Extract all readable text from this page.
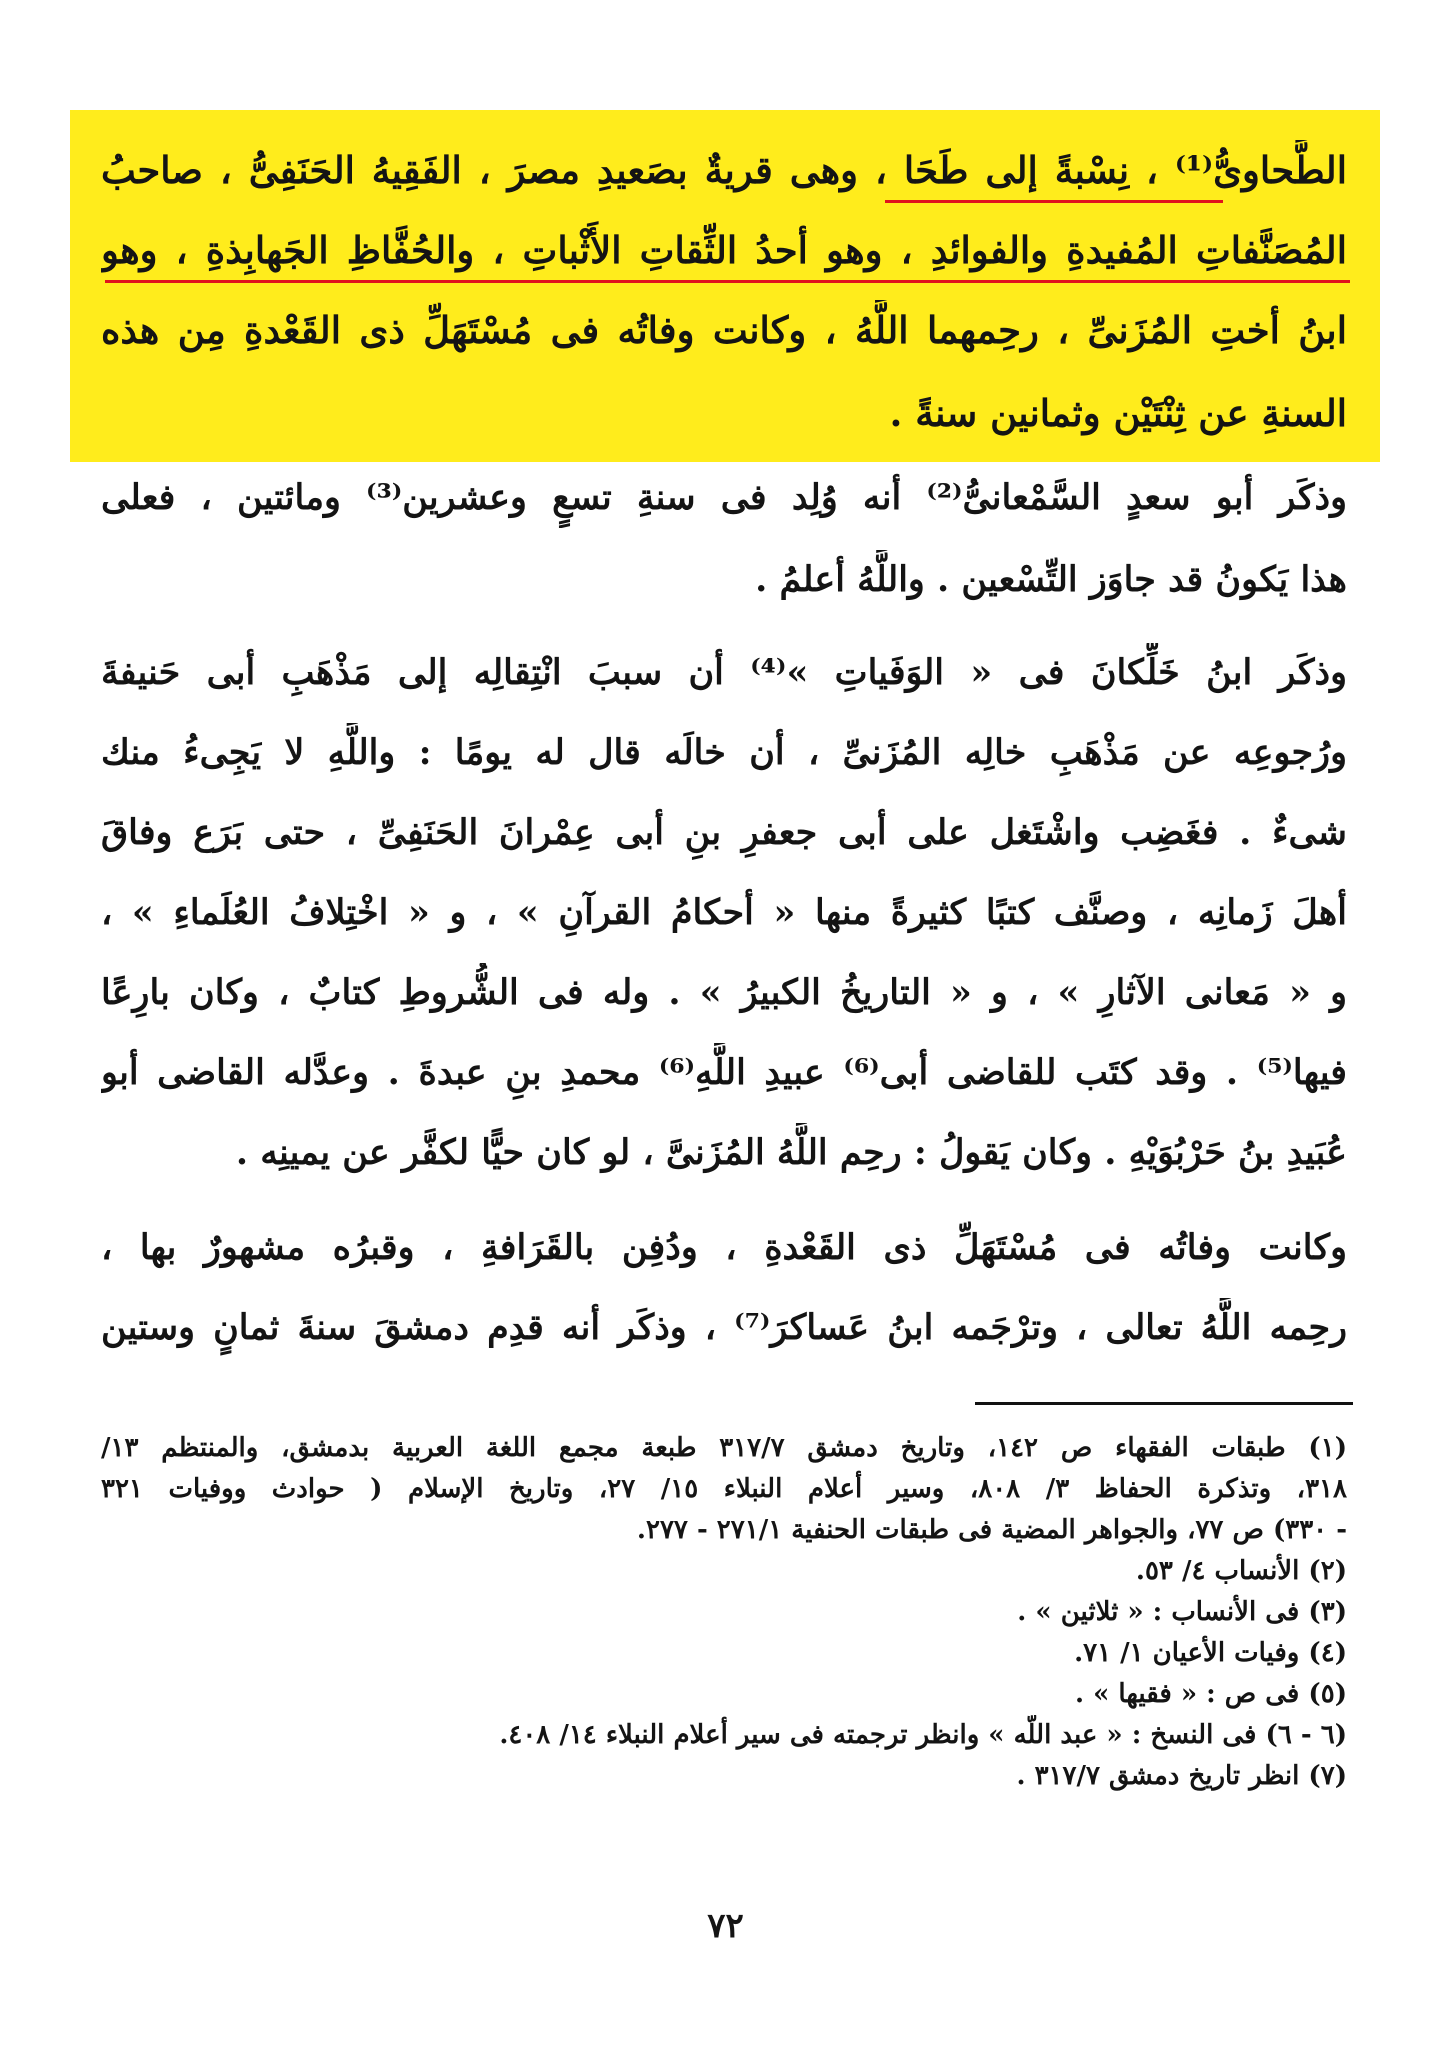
الطَّحاوىُّ⁽¹⁾ ، نِسْبةً إلى طَحَا ، وهى قريةٌ بصَعيدِ مصرَ ، الفَقِيهُ الحَنَفِىُّ ، صاحبُ
المُصَنَّفاتِ المُفيدةِ والفوائدِ ، وهو أحدُ الثِّقاتِ الأَثْباتِ ، والحُفَّاظِ الجَهابِذةِ ، وهو
ابنُ أختِ المُزَنىِّ ، رحِمهما اللَّهُ ، وكانت وفاتُه فى مُسْتَهَلِّ ذى القَعْدةِ مِن هذه
السنةِ عن ثِنْتَيْن وثمانين سنةً .
وذكَر أبو سعدٍ السَّمْعانىُّ⁽²⁾ أنه وُلِد فى سنةِ تسعٍ وعشرين⁽³⁾ ومائتين ، فعلى
هذا يَكونُ قد جاوَز التِّسْعين . واللَّهُ أعلمُ .
وذكَر ابنُ خَلِّكانَ فى « الوَفَياتِ »⁽⁴⁾ أن سببَ انْتِقالِه إلى مَذْهَبِ أبى حَنيفةَ
ورُجوعِه عن مَذْهَبِ خالِه المُزَنىِّ ، أن خالَه قال له يومًا : واللَّهِ لا يَجِىءُ منك
شىءٌ . فغَضِب واشْتَغل على أبى جعفرِ بنِ أبى عِمْرانَ الحَنَفِىِّ ، حتى بَرَع وفاقَ
أهلَ زَمانِه ، وصنَّف كتبًا كثيرةً منها « أحكامُ القرآنِ » ، و « اخْتِلافُ العُلَماءِ » ،
و « مَعانى الآثارِ » ، و « التاريخُ الكبيرُ » . وله فى الشُّروطِ كتابٌ ، وكان بارِعًا
فيها⁽⁵⁾ . وقد كتَب للقاضى أبى⁽⁶⁾ عبيدِ اللَّهِ⁽⁶⁾ محمدِ بنِ عبدةَ . وعدَّله القاضى أبو
عُبَيدِ بنُ حَرْبُوَيْهِ . وكان يَقولُ : رحِم اللَّهُ المُزَنىَّ ، لو كان حيًّا لكفَّر عن يمينِه .
وكانت وفاتُه فى مُسْتَهَلِّ ذى القَعْدةِ ، ودُفِن بالقَرَافةِ ، وقبرُه مشهورٌ بها ،
رحِمه اللَّهُ تعالى ، وترْجَمه ابنُ عَساكرَ⁽⁷⁾ ، وذكَر أنه قدِم دمشقَ سنةَ ثمانٍ وستين
(١) طبقات الفقهاء ص ١٤٢، وتاريخ دمشق ٣١٧/٧ طبعة مجمع اللغة العربية بدمشق، والمنتظم ١٣/
٣١٨، وتذكرة الحفاظ ٣/ ٨٠٨، وسير أعلام النبلاء ١٥/ ٢٧، وتاريخ الإسلام ( حوادث ووفيات ٣٢١
- ٣٣٠) ص ٧٧، والجواهر المضية فى طبقات الحنفية ٢٧١/١ - ٢٧٧.
(٢) الأنساب ٤/ ٥٣.
(٣) فى الأنساب : « ثلاثين » .
(٤) وفيات الأعيان ١/ ٧١.
(٥) فى ص : « فقيها » .
(٦ - ٦) فى النسخ : « عبد اللَّه » وانظر ترجمته فى سير أعلام النبلاء ١٤/ ٤٠٨.
(٧) انظر تاريخ دمشق ٣١٧/٧ .
٧٢
